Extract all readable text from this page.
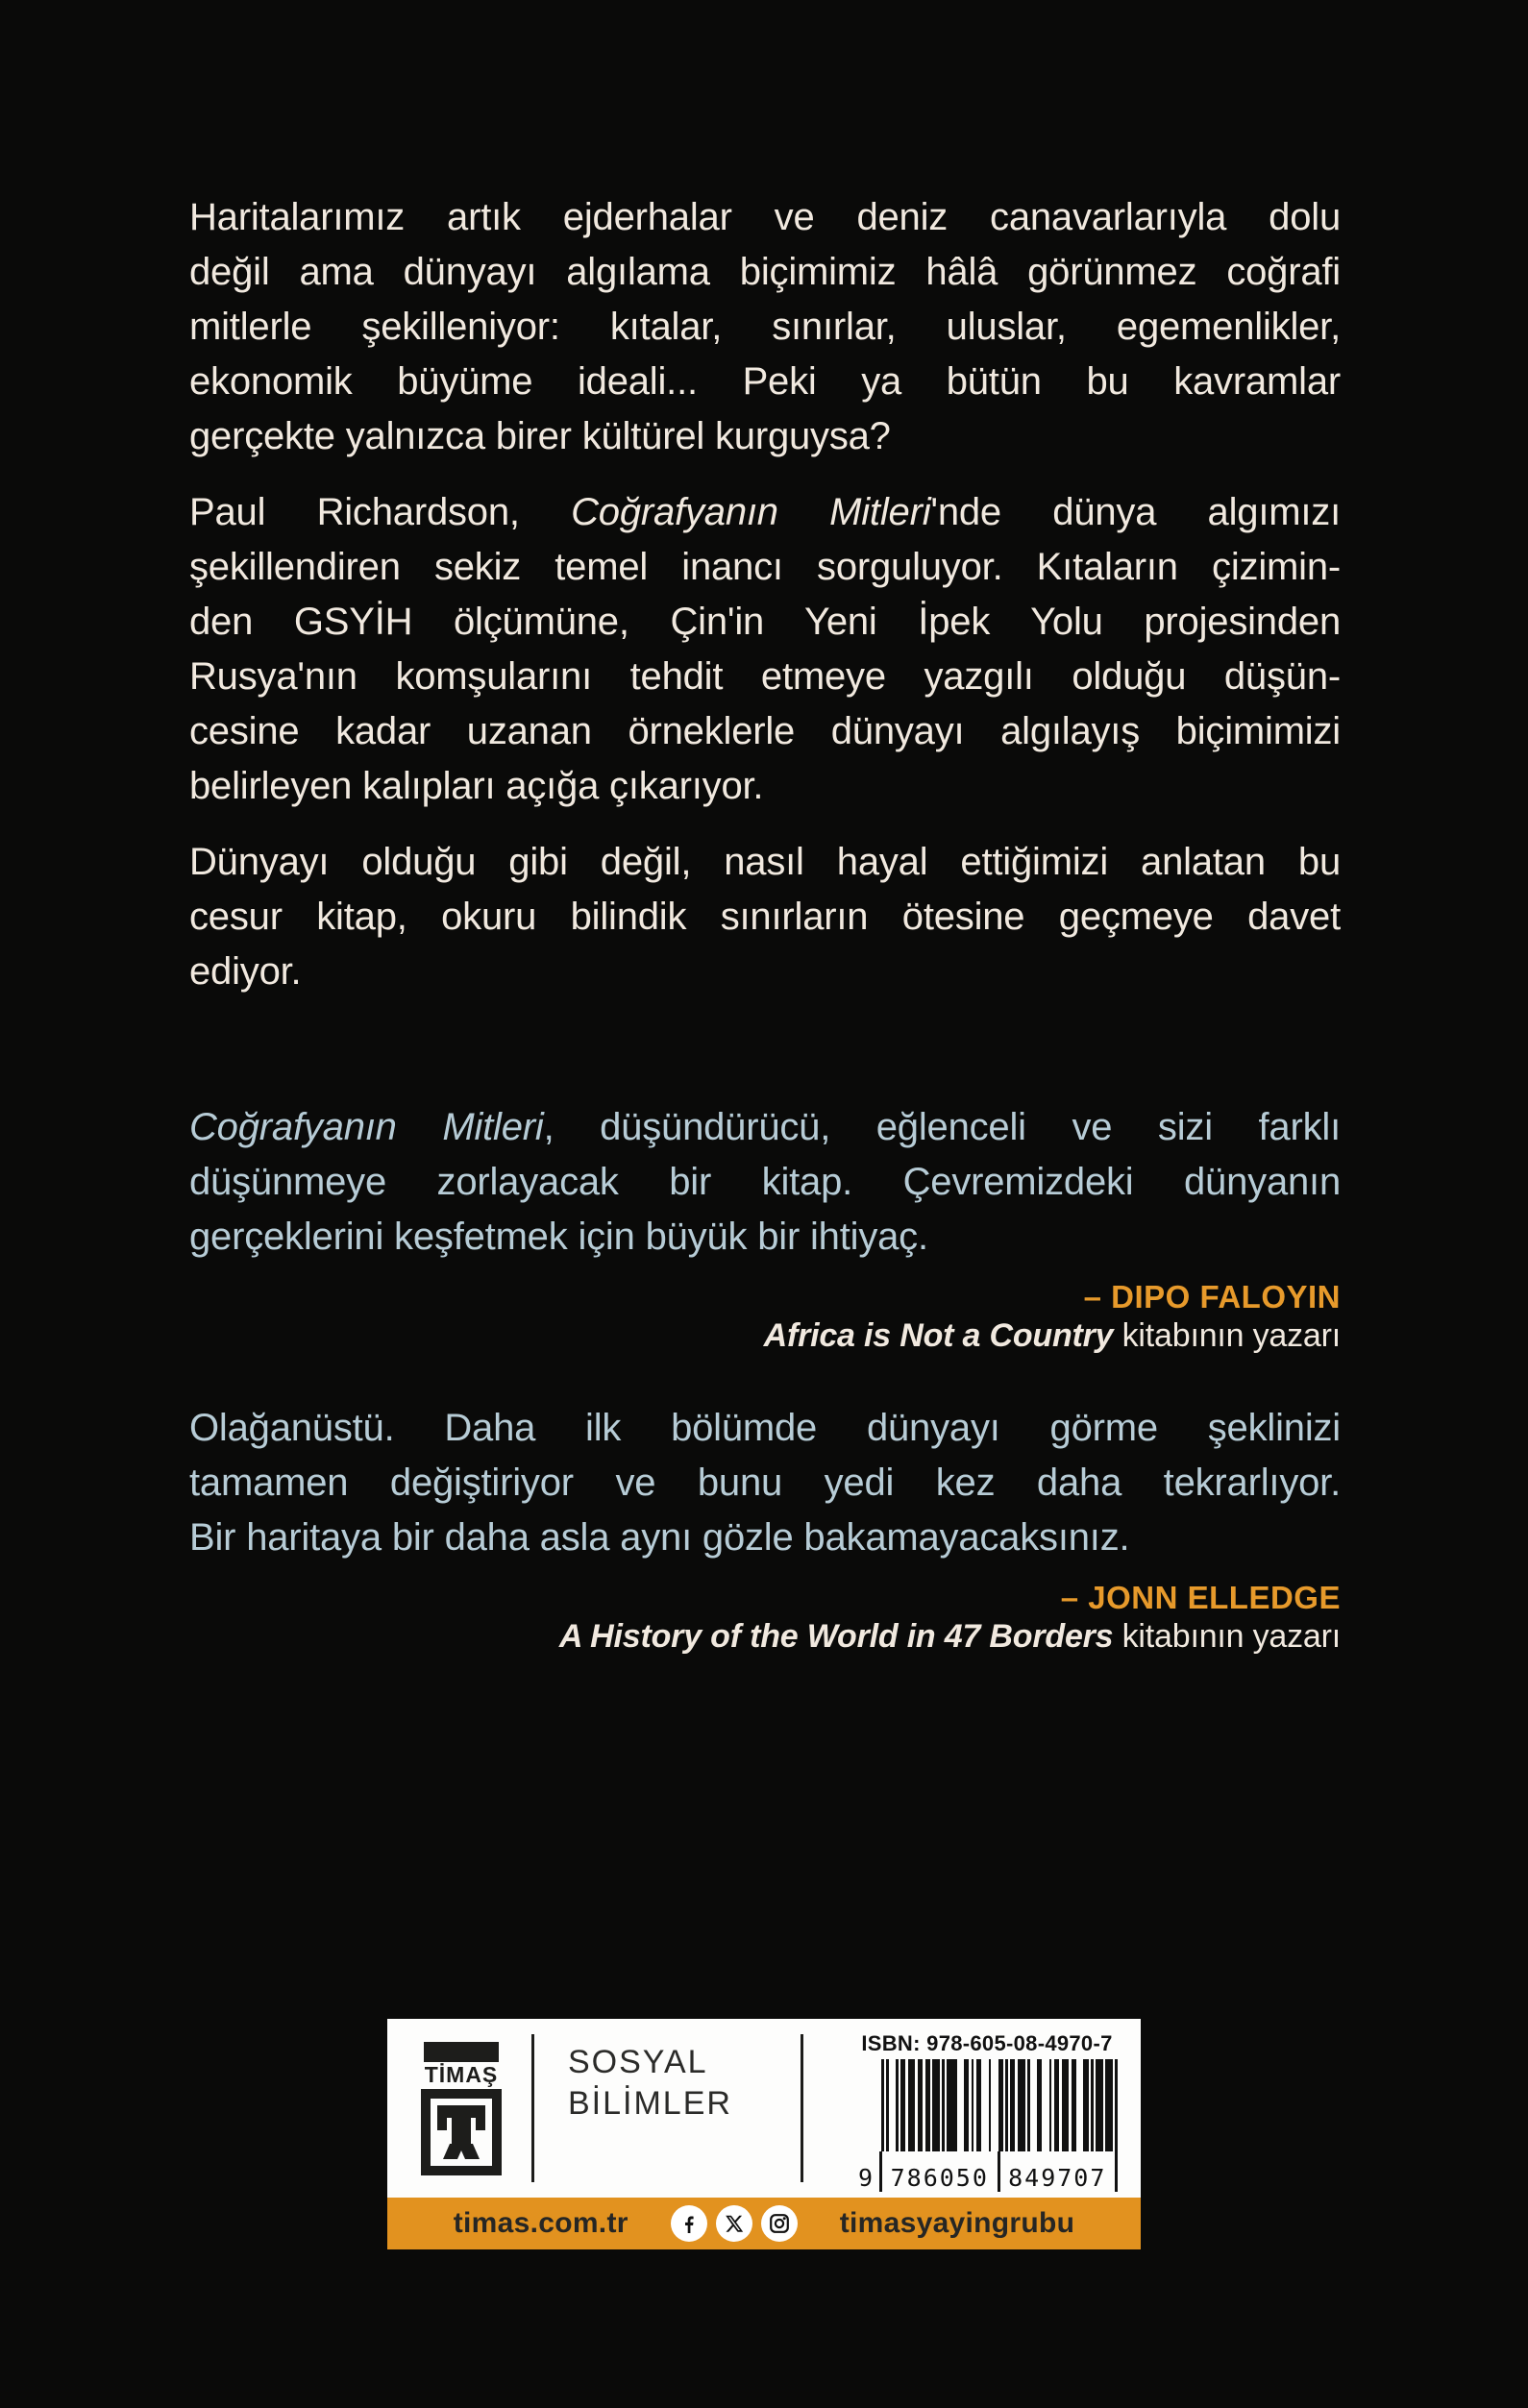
Haritalarımız artık ejderhalar ve deniz canavarlarıyla dolu
değil ama dünyayı algılama biçimimiz hâlâ görünmez coğrafi
mitlerle şekilleniyor: kıtalar, sınırlar, uluslar, egemenlikler,
ekonomik büyüme ideali... Peki ya bütün bu kavramlar
gerçekte yalnızca birer kültürel kurguysa?
Paul Richardson, Coğrafyanın Mitleri'nde dünya algımızı
şekillendiren sekiz temel inancı sorguluyor. Kıtaların çizimin-
den GSYİH ölçümüne, Çin'in Yeni İpek Yolu projesinden
Rusya'nın komşularını tehdit etmeye yazgılı olduğu düşün-
cesine kadar uzanan örneklerle dünyayı algılayış biçimimizi
belirleyen kalıpları açığa çıkarıyor.
Dünyayı olduğu gibi değil, nasıl hayal ettiğimizi anlatan bu
cesur kitap, okuru bilindik sınırların ötesine geçmeye davet
ediyor.
Coğrafyanın Mitleri, düşündürücü, eğlenceli ve sizi farklı
düşünmeye zorlayacak bir kitap. Çevremizdeki dünyanın
gerçeklerini keşfetmek için büyük bir ihtiyaç.
– DIPO FALOYIN
Africa is Not a Country kitabının yazarı
Olağanüstü. Daha ilk bölümde dünyayı görme şeklinizi
tamamen değiştiriyor ve bunu yedi kez daha tekrarlıyor.
Bir haritaya bir daha asla aynı gözle bakamayacaksınız.
– JONN ELLEDGE
A History of the World in 47 Borders kitabının yazarı
TİMAŞ SOSYAL
BİLİMLER
ISBN: 978-605-08-4970-7
9 786050 849707
timas.com.tr	timasyayingrubu
